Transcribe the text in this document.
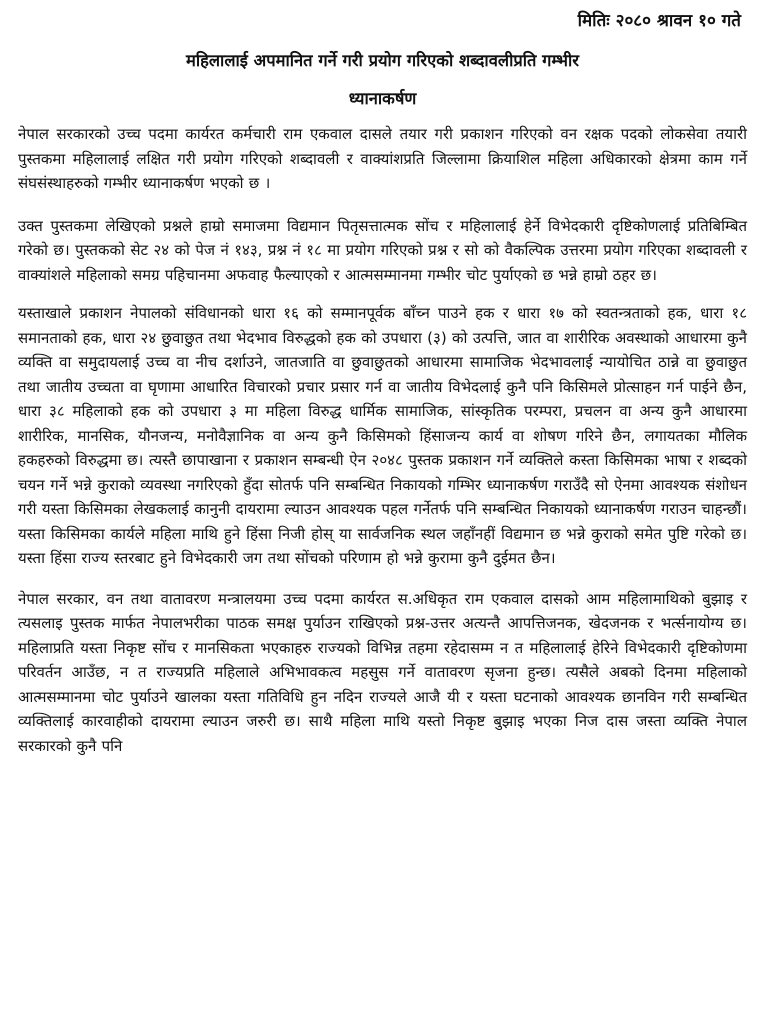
मितिः २०८० श्रावन १० गते
महिलालाई अपमानित गर्ने गरी प्रयोग गरिएको शब्दावलीप्रति गम्भीर
ध्यानाकर्षण

नेपाल सरकारको उच्च पदमा कार्यरत कर्मचारी राम एकवाल दासले तयार गरी प्रकाशन गरिएको वन रक्षक पदको लोकसेवा तयारी पुस्तकमा महिलालाई लक्षित गरी प्रयोग गरिएको शब्दावली र वाक्यांशप्रति जिल्लामा क्रियाशिल महिला अधिकारको क्षेत्रमा काम गर्ने संघसंस्थाहरुको गम्भीर ध्यानाकर्षण भएको छ ।

उक्त पुस्तकमा लेखिएको प्रश्नले हाम्रो समाजमा विद्यमान पितृसत्तात्मक सोंच र महिलालाई हेर्ने विभेदकारी दृष्टिकोणलाई प्रतिबिम्बित गरेको छ। पुस्तकको सेट २४ को पेज नं १४३, प्रश्न नं १८ मा प्रयोग गरिएको प्रश्न र सो को वैकल्पिक उत्तरमा प्रयोग गरिएका शब्दावली र वाक्यांशले महिलाको समग्र पहिचानमा अफवाह फैल्याएको र आत्मसम्मानमा गम्भीर चोट पुर्याएको छ भन्ने हाम्रो ठहर छ।

यस्ताखाले प्रकाशन नेपालको संविधानको धारा १६ को सम्मानपूर्वक बाँच्न पाउने हक र धारा १७ को स्वतन्त्रताको हक, धारा १८ समानताको हक, धारा २४ छुवाछुत तथा भेदभाव विरुद्धको हक को उपधारा (३) को उत्पत्ति, जात वा शारीरिक अवस्थाको आधारमा कुनै व्यक्ति वा समुदायलाई उच्च वा नीच दर्शाउने, जातजाति वा छुवाछुतको आधारमा सामाजिक भेदभावलाई न्यायोचित ठान्ने वा छुवाछुत तथा जातीय उच्चता वा घृणामा आधारित विचारको प्रचार प्रसार गर्न वा जातीय विभेदलाई कुनै पनि किसिमले प्रोत्साहन गर्न पाईने छैन, धारा ३८ महिलाको हक को उपधारा ३ मा महिला विरुद्ध धार्मिक सामाजिक, सांस्कृतिक परम्परा, प्रचलन वा अन्य कुनै आधारमा शारीरिक, मानसिक, यौनजन्य, मनोवैज्ञानिक वा अन्य कुनै किसिमको हिंसाजन्य कार्य वा शोषण गरिने छैन, लगायतका मौलिक हकहरुको विरुद्धमा छ। त्यस्तै छापाखाना र प्रकाशन सम्बन्धी ऐन २०४८ पुस्तक प्रकाशन गर्ने व्यक्तिले कस्ता किसिमका भाषा र शब्दको चयन गर्ने भन्ने कुराको व्यवस्था नगरिएको हुँदा सोतर्फ पनि सम्बन्धित निकायको गम्भिर ध्यानाकर्षण गराउँदै सो ऐनमा आवश्यक संशोधन गरी यस्ता किसिमका लेखकलाई कानुनी दायरामा ल्याउन आवश्यक पहल गर्नेतर्फ पनि सम्बन्धित निकायको ध्यानाकर्षण गराउन चाहन्छौं। यस्ता किसिमका कार्यले महिला माथि हुने हिंसा निजी होस् या सार्वजनिक स्थल जहाँनहीं विद्यमान छ भन्ने कुराको समेत पुष्टि गरेको छ। यस्ता हिंसा राज्य स्तरबाट हुने विभेदकारी जग तथा सोंचको परिणाम हो भन्ने कुरामा कुनै दुईमत छैन।

नेपाल सरकार, वन तथा वातावरण मन्त्रालयमा उच्च पदमा कार्यरत स.अधिकृत राम एकवाल दासको आम महिलामाथिको बुझाइ र त्यसलाइ पुस्तक मार्फत नेपालभरीका पाठक समक्ष पुर्याउन राखिएको प्रश्न-उत्तर अत्यन्तै आपत्तिजनक, खेदजनक र भर्त्सनायोग्य छ। महिलाप्रति यस्ता निकृष्ट सोंच र मानसिकता भएकाहरु राज्यको विभिन्न तहमा रहेदासम्म न त महिलालाई हेरिने विभेदकारी दृष्टिकोणमा परिवर्तन आउँछ, न त राज्यप्रति महिलाले अभिभावकत्व महसुस गर्ने वातावरण सृजना हुन्छ। त्यसैले अबको दिनमा महिलाको आत्मसम्मानमा चोट पुर्याउने खालका यस्ता गतिविधि हुन नदिन राज्यले आजै यी र यस्ता घटनाको आवश्यक छानविन गरी सम्बन्धित व्यक्तिलाई कारवाहीको दायरामा ल्याउन जरुरी छ। साथै महिला माथि यस्तो निकृष्ट बुझाइ भएका निज दास जस्ता व्यक्ति नेपाल सरकारको कुनै पनि
